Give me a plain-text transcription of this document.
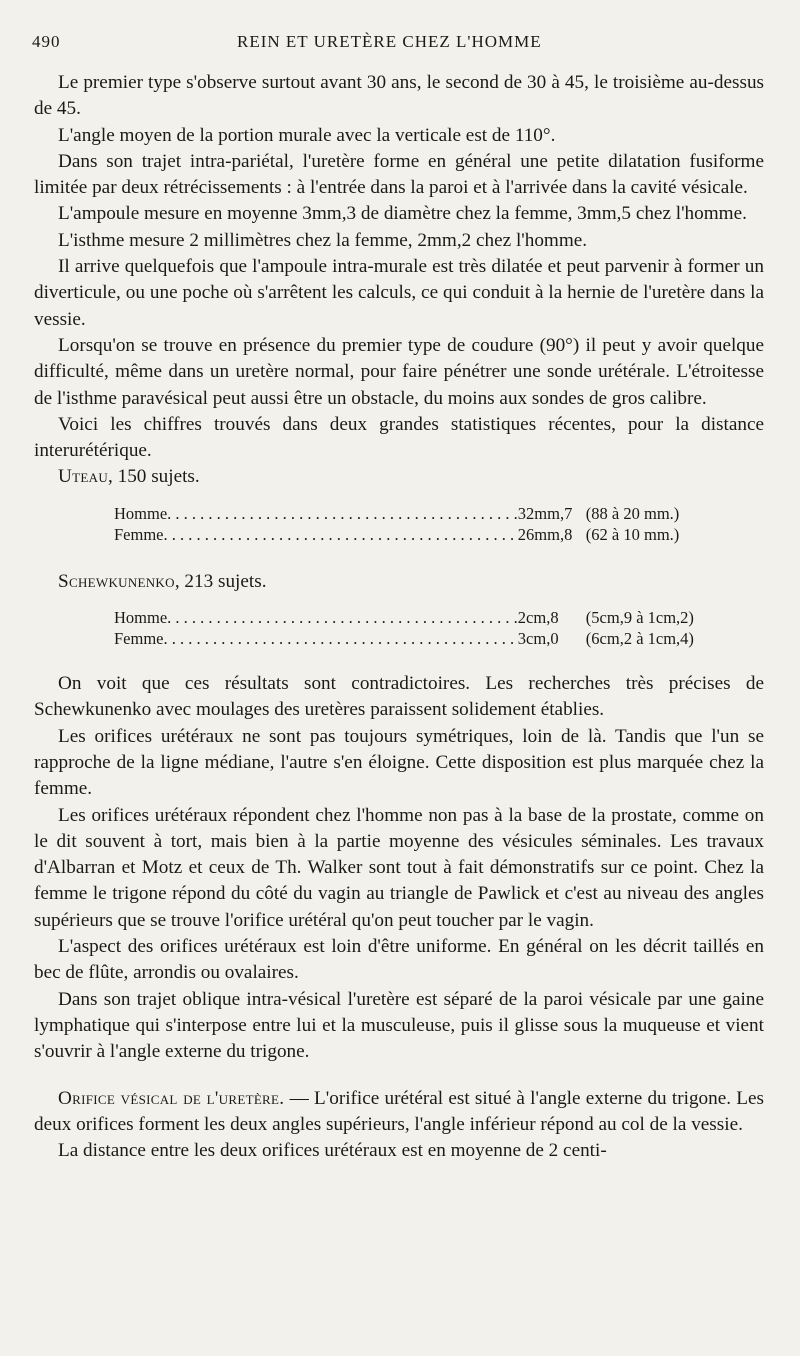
490	REIN ET URETÈRE CHEZ L'HOMME

Le premier type s'observe surtout avant 30 ans, le second de 30 à 45, le troisième au-dessus de 45.

L'angle moyen de la portion murale avec la verticale est de 110°.

Dans son trajet intra-pariétal, l'uretère forme en général une petite dilatation fusiforme limitée par deux rétrécissements : à l'entrée dans la paroi et à l'arrivée dans la cavité vésicale.

L'ampoule mesure en moyenne 3mm,3 de diamètre chez la femme, 3mm,5 chez l'homme.

L'isthme mesure 2 millimètres chez la femme, 2mm,2 chez l'homme.

Il arrive quelquefois que l'ampoule intra-murale est très dilatée et peut parvenir à former un diverticule, ou une poche où s'arrêtent les calculs, ce qui conduit à la hernie de l'uretère dans la vessie.

Lorsqu'on se trouve en présence du premier type de coudure (90°) il peut y avoir quelque difficulté, même dans un uretère normal, pour faire pénétrer une sonde urétérale. L'étroitesse de l'isthme paravésical peut aussi être un obstacle, du moins aux sondes de gros calibre.

Voici les chiffres trouvés dans deux grandes statistiques récentes, pour la distance interurétérique.

Uteau, 150 sujets.
Homme. . . . . . . . . . . . . . . . . . . . . . . . . . . . . . . . . . . . . . . . . . .	32mm,7	(88 à 20 mm.)
Femme. . . . . . . . . . . . . . . . . . . . . . . . . . . . . . . . . . . . . . . . . . .	26mm,8	(62 à 10 mm.)
Schewkunenko, 213 sujets.
Homme. . . . . . . . . . . . . . . . . . . . . . . . . . . . . . . . . . . . . . . . . . .	2cm,8	(5cm,9 à 1cm,2)
Femme. . . . . . . . . . . . . . . . . . . . . . . . . . . . . . . . . . . . . . . . . . .	3cm,0	(6cm,2 à 1cm,4)

On voit que ces résultats sont contradictoires. Les recherches très précises de Schewkunenko avec moulages des uretères paraissent solidement établies.

Les orifices urétéraux ne sont pas toujours symétriques, loin de là. Tandis que l'un se rapproche de la ligne médiane, l'autre s'en éloigne. Cette disposition est plus marquée chez la femme.

Les orifices urétéraux répondent chez l'homme non pas à la base de la prostate, comme on le dit souvent à tort, mais bien à la partie moyenne des vésicules séminales. Les travaux d'Albarran et Motz et ceux de Th. Walker sont tout à fait démonstratifs sur ce point. Chez la femme le trigone répond du côté du vagin au triangle de Pawlick et c'est au niveau des angles supérieurs que se trouve l'orifice urétéral qu'on peut toucher par le vagin.

L'aspect des orifices urétéraux est loin d'être uniforme. En général on les décrit taillés en bec de flûte, arrondis ou ovalaires.

Dans son trajet oblique intra-vésical l'uretère est séparé de la paroi vésicale par une gaine lymphatique qui s'interpose entre lui et la musculeuse, puis il glisse sous la muqueuse et vient s'ouvrir à l'angle externe du trigone.

Orifice vésical de l'uretère. — L'orifice urétéral est situé à l'angle externe du trigone. Les deux orifices forment les deux angles supérieurs, l'angle inférieur répond au col de la vessie.

La distance entre les deux orifices urétéraux est en moyenne de 2 centi-
